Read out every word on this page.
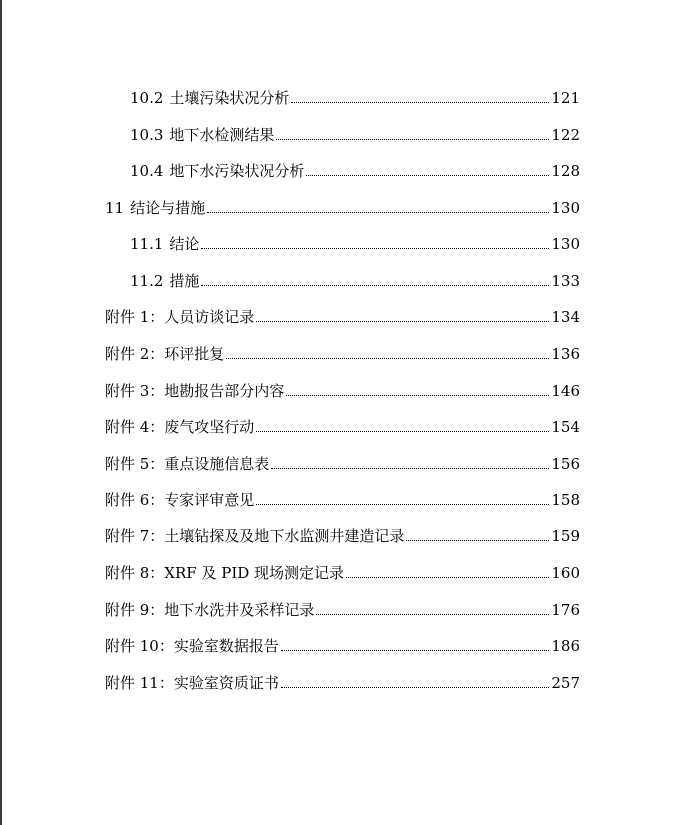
10.2 土壤污染状况分析	121
10.3 地下水检测结果	122
10.4 地下水污染状况分析	128
11 结论与措施	130
11.1 结论	130
11.2 措施	133
附件 1：人员访谈记录	134
附件 2：环评批复	136
附件 3：地勘报告部分内容	146
附件 4：废气攻坚行动	154
附件 5：重点设施信息表	156
附件 6：专家评审意见	158
附件 7：土壤钻探及及地下水监测井建造记录	159
附件 8：XRF 及 PID 现场测定记录	160
附件 9：地下水洗井及采样记录	176
附件 10：实验室数据报告	186
附件 11：实验室资质证书	257
